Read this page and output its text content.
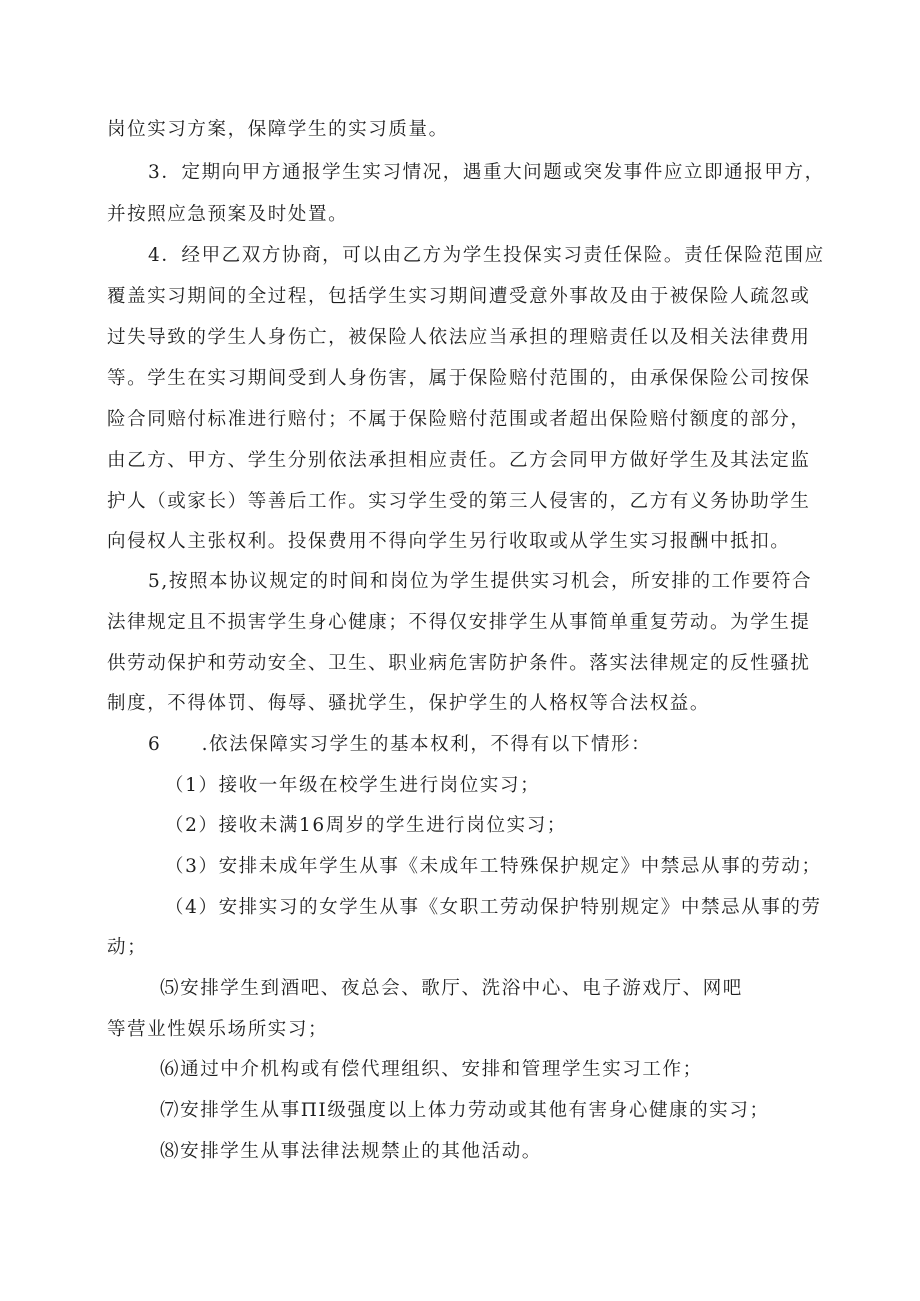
岗位实习方案，保障学生的实习质量。
3．定期向甲方通报学生实习情况，遇重大问题或突发事件应立即通报甲方，
并按照应急预案及时处置。
4．经甲乙双方协商，可以由乙方为学生投保实习责任保险。责任保险范围应
覆盖实习期间的全过程，包括学生实习期间遭受意外事故及由于被保险人疏忽或
过失导致的学生人身伤亡，被保险人依法应当承担的理赔责任以及相关法律费用
等。学生在实习期间受到人身伤害，属于保险赔付范围的，由承保保险公司按保
险合同赔付标准进行赔付；不属于保险赔付范围或者超出保险赔付额度的部分，
由乙方、甲方、学生分别依法承担相应责任。乙方会同甲方做好学生及其法定监
护人（或家长）等善后工作。实习学生受的第三人侵害的，乙方有义务协助学生
向侵权人主张权利。投保费用不得向学生另行收取或从学生实习报酬中抵扣。
5,按照本协议规定的时间和岗位为学生提供实习机会，所安排的工作要符合
法律规定且不损害学生身心健康；不得仅安排学生从事简单重复劳动。为学生提
供劳动保护和劳动安全、卫生、职业病危害防护条件。落实法律规定的反性骚扰
制度，不得体罚、侮辱、骚扰学生，保护学生的人格权等合法权益。
6　　.依法保障实习学生的基本权利，不得有以下情形：
（1）接收一年级在校学生进行岗位实习；
（2）接收未满16周岁的学生进行岗位实习；
（3）安排未成年学生从事《未成年工特殊保护规定》中禁忌从事的劳动；
（4）安排实习的女学生从事《女职工劳动保护特别规定》中禁忌从事的劳
动；
⑸安排学生到酒吧、夜总会、歌厅、洗浴中心、电子游戏厅、网吧
等营业性娱乐场所实习；
⑹通过中介机构或有偿代理组织、安排和管理学生实习工作；
⑺安排学生从事ΠI级强度以上体力劳动或其他有害身心健康的实习；
⑻安排学生从事法律法规禁止的其他活动。
